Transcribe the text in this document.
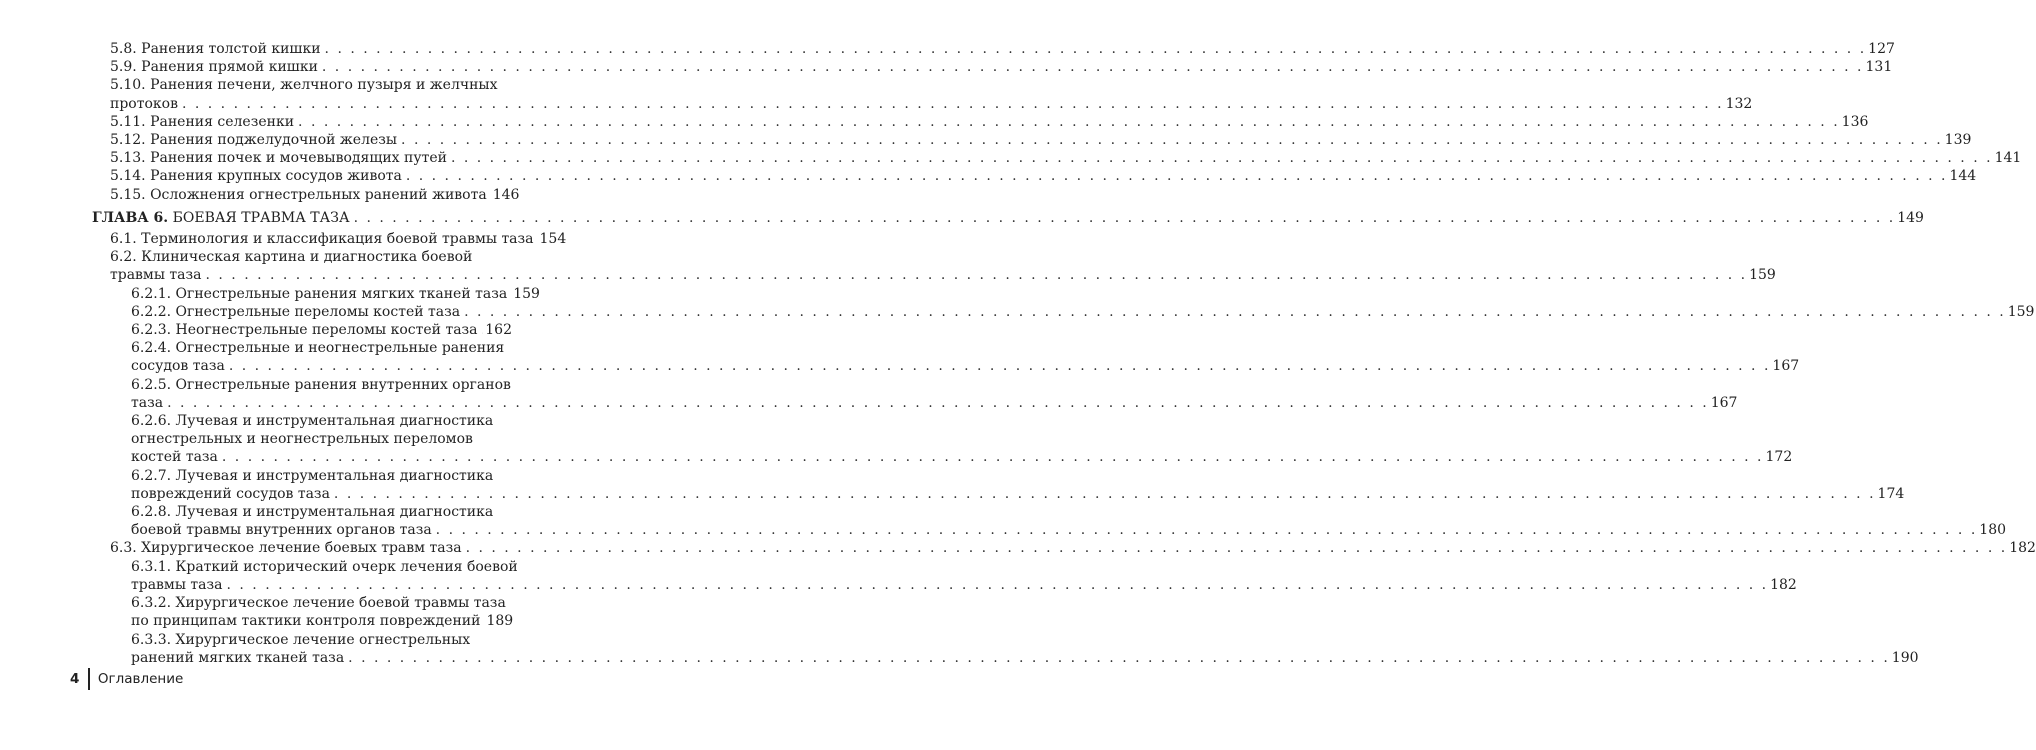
5.8. Ранения толстой кишки . . . . . . . . . . . . . . . . . . . . . . . . . . . . . . . . . . . . . . . . . . . . . . . . . . . . . . . . . . . . . . . . . . . . . . . . . . . . . . . . . . . . . . . . . . . . . . . . . . . . . . . . . . . . . . . . . . . . . . . . 127
5.9. Ранения прямой кишки . . . . . . . . . . . . . . . . . . . . . . . . . . . . . . . . . . . . . . . . . . . . . . . . . . . . . . . . . . . . . . . . . . . . . . . . . . . . . . . . . . . . . . . . . . . . . . . . . . . . . . . . . . . . . . . . . . . . . . . . 131
5.10. Ранения печени, желчного пузыря и желчных
протоков . . . . . . . . . . . . . . . . . . . . . . . . . . . . . . . . . . . . . . . . . . . . . . . . . . . . . . . . . . . . . . . . . . . . . . . . . . . . . . . . . . . . . . . . . . . . . . . . . . . . . . . . . . . . . . . . . . . . . . . . 132
5.11. Ранения селезенки . . . . . . . . . . . . . . . . . . . . . . . . . . . . . . . . . . . . . . . . . . . . . . . . . . . . . . . . . . . . . . . . . . . . . . . . . . . . . . . . . . . . . . . . . . . . . . . . . . . . . . . . . . . . . . . . . . . . . . . . 136
5.12. Ранения поджелудочной железы . . . . . . . . . . . . . . . . . . . . . . . . . . . . . . . . . . . . . . . . . . . . . . . . . . . . . . . . . . . . . . . . . . . . . . . . . . . . . . . . . . . . . . . . . . . . . . . . . . . . . . . . . . . . . . . . . . . . . . . . 139
5.13. Ранения почек и мочевыводящих путей . . . . . . . . . . . . . . . . . . . . . . . . . . . . . . . . . . . . . . . . . . . . . . . . . . . . . . . . . . . . . . . . . . . . . . . . . . . . . . . . . . . . . . . . . . . . . . . . . . . . . . . . . . . . . . . . . . . . . . . . 141
5.14. Ранения крупных сосудов живота . . . . . . . . . . . . . . . . . . . . . . . . . . . . . . . . . . . . . . . . . . . . . . . . . . . . . . . . . . . . . . . . . . . . . . . . . . . . . . . . . . . . . . . . . . . . . . . . . . . . . . . . . . . . . . . . . . . . . . . . 144
5.15. Осложнения огнестрельных ранений живота 146
ГЛАВА 6. БОЕВАЯ ТРАВМА ТАЗА . . . . . . . . . . . . . . . . . . . . . . . . . . . . . . . . . . . . . . . . . . . . . . . . . . . . . . . . . . . . . . . . . . . . . . . . . . . . . . . . . . . . . . . . . . . . . . . . . . . . . . . . . . . . . . . . . . . . . . . . 149
6.1. Терминология и классификация боевой травмы таза 154
6.2. Клиническая картина и диагностика боевой
травмы таза . . . . . . . . . . . . . . . . . . . . . . . . . . . . . . . . . . . . . . . . . . . . . . . . . . . . . . . . . . . . . . . . . . . . . . . . . . . . . . . . . . . . . . . . . . . . . . . . . . . . . . . . . . . . . . . . . . . . . . . . 159
6.2.1. Огнестрельные ранения мягких тканей таза 159
6.2.2. Огнестрельные переломы костей таза . . . . . . . . . . . . . . . . . . . . . . . . . . . . . . . . . . . . . . . . . . . . . . . . . . . . . . . . . . . . . . . . . . . . . . . . . . . . . . . . . . . . . . . . . . . . . . . . . . . . . . . . . . . . . . . . . . . . . . . . 159
6.2.3. Неогнестрельные переломы костей таза 162
6.2.4. Огнестрельные и неогнестрельные ранения
сосудов таза . . . . . . . . . . . . . . . . . . . . . . . . . . . . . . . . . . . . . . . . . . . . . . . . . . . . . . . . . . . . . . . . . . . . . . . . . . . . . . . . . . . . . . . . . . . . . . . . . . . . . . . . . . . . . . . . . . . . . . . . 167
6.2.5. Огнестрельные ранения внутренних органов
таза . . . . . . . . . . . . . . . . . . . . . . . . . . . . . . . . . . . . . . . . . . . . . . . . . . . . . . . . . . . . . . . . . . . . . . . . . . . . . . . . . . . . . . . . . . . . . . . . . . . . . . . . . . . . . . . . . . . . . . . . 167
6.2.6. Лучевая и инструментальная диагностика
огнестрельных и неогнестрельных переломов
костей таза . . . . . . . . . . . . . . . . . . . . . . . . . . . . . . . . . . . . . . . . . . . . . . . . . . . . . . . . . . . . . . . . . . . . . . . . . . . . . . . . . . . . . . . . . . . . . . . . . . . . . . . . . . . . . . . . . . . . . . . . 172
6.2.7. Лучевая и инструментальная диагностика
повреждений сосудов таза . . . . . . . . . . . . . . . . . . . . . . . . . . . . . . . . . . . . . . . . . . . . . . . . . . . . . . . . . . . . . . . . . . . . . . . . . . . . . . . . . . . . . . . . . . . . . . . . . . . . . . . . . . . . . . . . . . . . . . . . 174
6.2.8. Лучевая и инструментальная диагностика
боевой травмы внутренних органов таза . . . . . . . . . . . . . . . . . . . . . . . . . . . . . . . . . . . . . . . . . . . . . . . . . . . . . . . . . . . . . . . . . . . . . . . . . . . . . . . . . . . . . . . . . . . . . . . . . . . . . . . . . . . . . . . . . . . . . . . . 180
6.3. Хирургическое лечение боевых травм таза . . . . . . . . . . . . . . . . . . . . . . . . . . . . . . . . . . . . . . . . . . . . . . . . . . . . . . . . . . . . . . . . . . . . . . . . . . . . . . . . . . . . . . . . . . . . . . . . . . . . . . . . . . . . . . . . . . . . . . . . 182
6.3.1. Краткий исторический очерк лечения боевой
травмы таза . . . . . . . . . . . . . . . . . . . . . . . . . . . . . . . . . . . . . . . . . . . . . . . . . . . . . . . . . . . . . . . . . . . . . . . . . . . . . . . . . . . . . . . . . . . . . . . . . . . . . . . . . . . . . . . . . . . . . . . . 182
6.3.2. Хирургическое лечение боевой травмы таза
по принципам тактики контроля повреждений 189
6.3.3. Хирургическое лечение огнестрельных
ранений мягких тканей таза . . . . . . . . . . . . . . . . . . . . . . . . . . . . . . . . . . . . . . . . . . . . . . . . . . . . . . . . . . . . . . . . . . . . . . . . . . . . . . . . . . . . . . . . . . . . . . . . . . . . . . . . . . . . . . . . . . . . . . . . 190
4 Оглавление
